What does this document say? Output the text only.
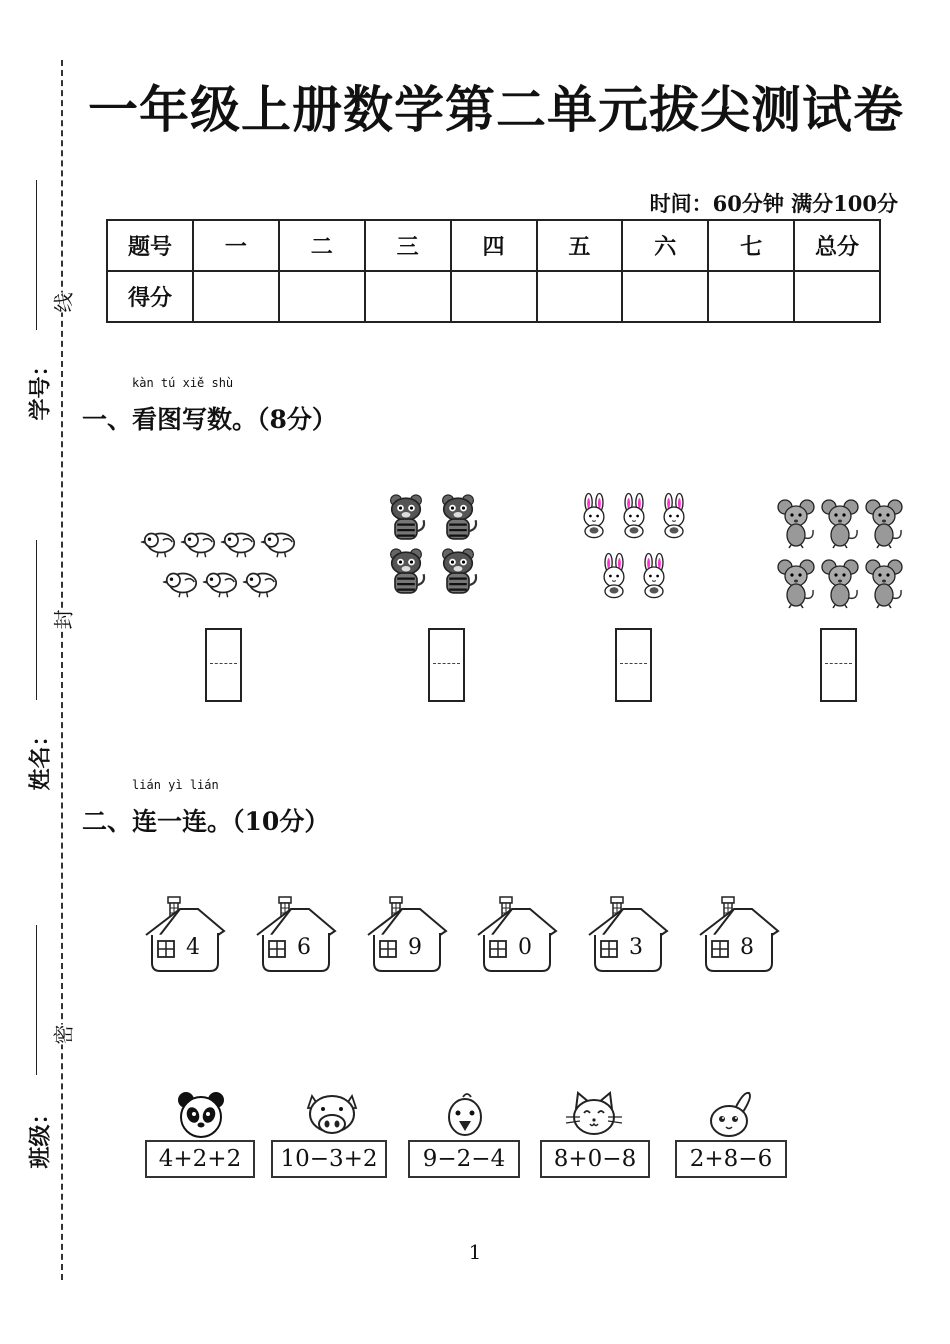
学号：
姓名：
班级：
线
封
密
一年级上册数学第二单元拔尖测试卷
时间：60分钟 满分100分
题号	一	二	三	四	五	六	七	总分
得分								
一、
kàn tú xiě shù
看图写数。（8分）
二、
lián yì lián
连一连。（10分）
4	6	9	0	3	8
4+2+2	10−3+2	9−2−4	8+0−8	2+8−6
1
